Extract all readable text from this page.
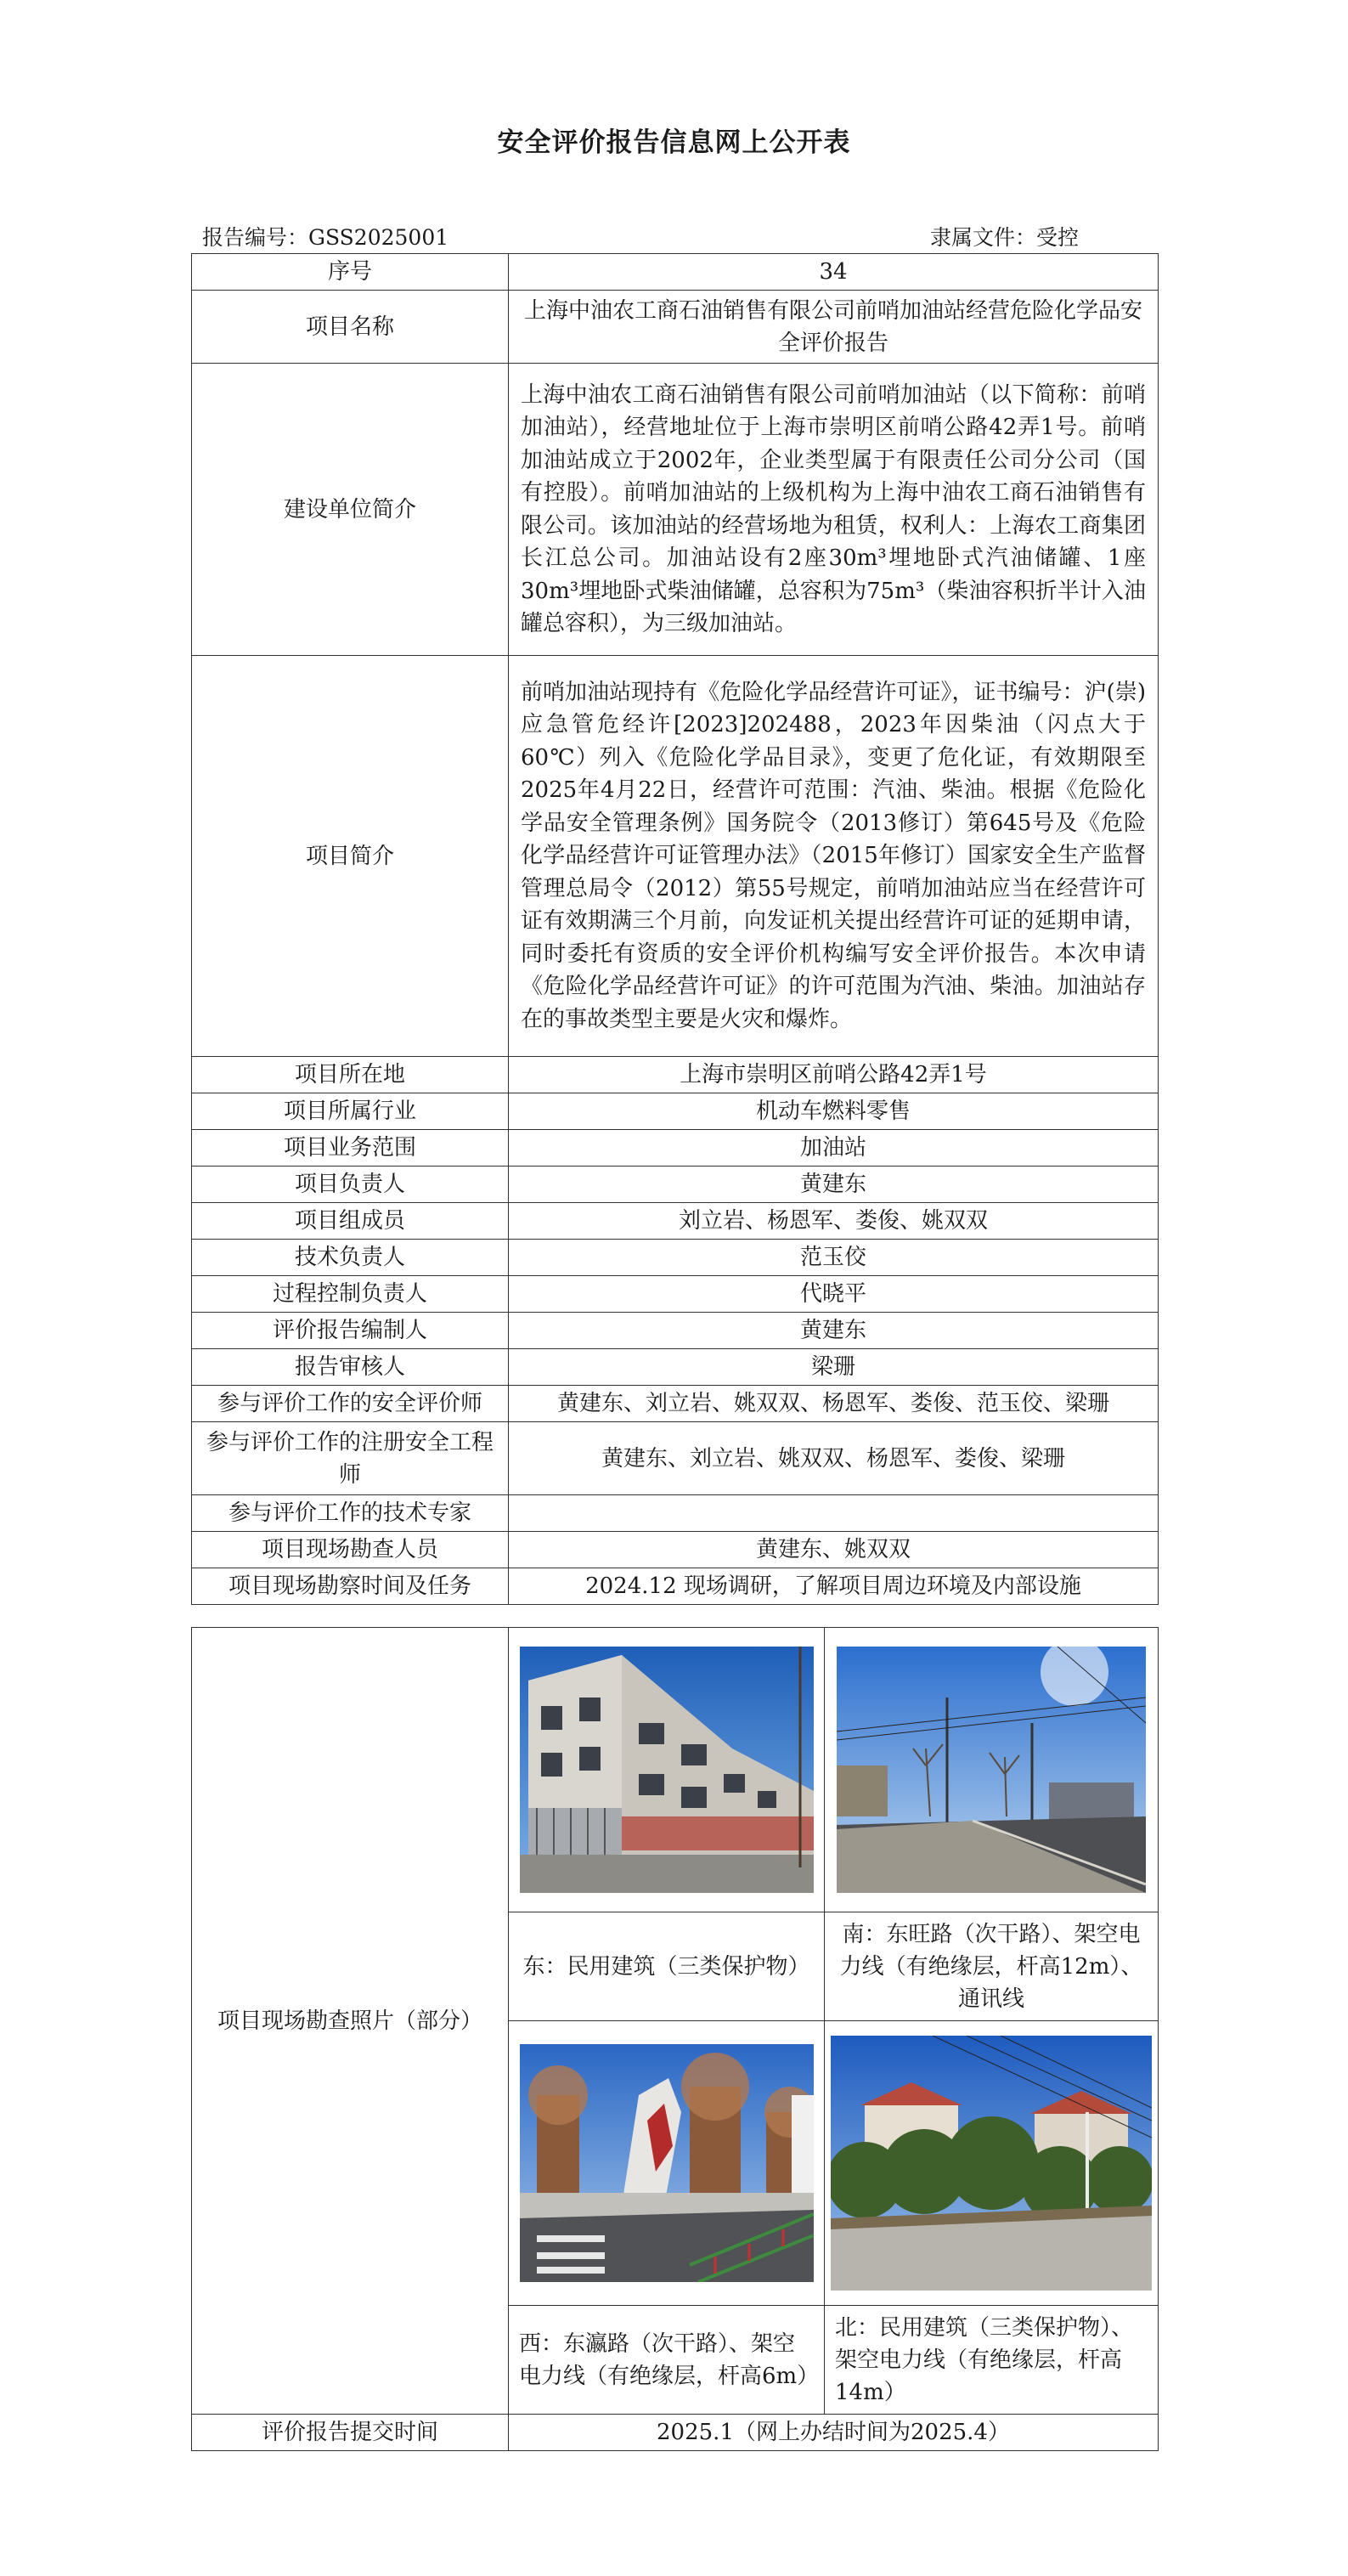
安全评价报告信息网上公开表
报告编号：GSS2025001	隶属文件：受控
序号	34
项目名称	上海中油农工商石油销售有限公司前哨加油站经营危险化学品安全评价报告
建设单位简介	上海中油农工商石油销售有限公司前哨加油站（以下简称：前哨加油站），经营地址位于上海市崇明区前哨公路42弄1号。前哨加油站成立于2002年，企业类型属于有限责任公司分公司（国有控股）。前哨加油站的上级机构为上海中油农工商石油销售有限公司。该加油站的经营场地为租赁，权利人：上海农工商集团长江总公司。加油站设有2座30m³埋地卧式汽油储罐、1座30m³埋地卧式柴油储罐，总容积为75m³（柴油容积折半计入油罐总容积），为三级加油站。
项目简介	前哨加油站现持有《危险化学品经营许可证》，证书编号：沪(崇)应急管危经许[2023]202488，2023年因柴油（闪点大于60℃）列入《危险化学品目录》，变更了危化证，有效期限至2025年4月22日，经营许可范围：汽油、柴油。根据《危险化学品安全管理条例》国务院令（2013修订）第645号及《危险化学品经营许可证管理办法》（2015年修订）国家安全生产监督管理总局令（2012）第55号规定，前哨加油站应当在经营许可证有效期满三个月前，向发证机关提出经营许可证的延期申请，同时委托有资质的安全评价机构编写安全评价报告。本次申请《危险化学品经营许可证》的许可范围为汽油、柴油。加油站存在的事故类型主要是火灾和爆炸。
项目所在地	上海市崇明区前哨公路42弄1号
项目所属行业	机动车燃料零售
项目业务范围	加油站
项目负责人	黄建东
项目组成员	刘立岩、杨恩军、娄俊、姚双双
技术负责人	范玉佼
过程控制负责人	代晓平
评价报告编制人	黄建东
报告审核人	梁珊
参与评价工作的安全评价师	黄建东、刘立岩、姚双双、杨恩军、娄俊、范玉佼、梁珊
参与评价工作的注册安全工程师	黄建东、刘立岩、姚双双、杨恩军、娄俊、梁珊
参与评价工作的技术专家	
项目现场勘查人员	黄建东、姚双双
项目现场勘察时间及任务	2024.12 现场调研，了解项目周边环境及内部设施
项目现场勘查照片（部分）	

	东：民用建筑（三类保护物）	南：东旺路（次干路）、架空电力线（有绝缘层，杆高12m）、通讯线

	西：东瀛路（次干路）、架空电力线（有绝缘层，杆高6m）	北：民用建筑（三类保护物）、架空电力线（有绝缘层，杆高14m）
评价报告提交时间	2025.1（网上办结时间为2025.4）	
